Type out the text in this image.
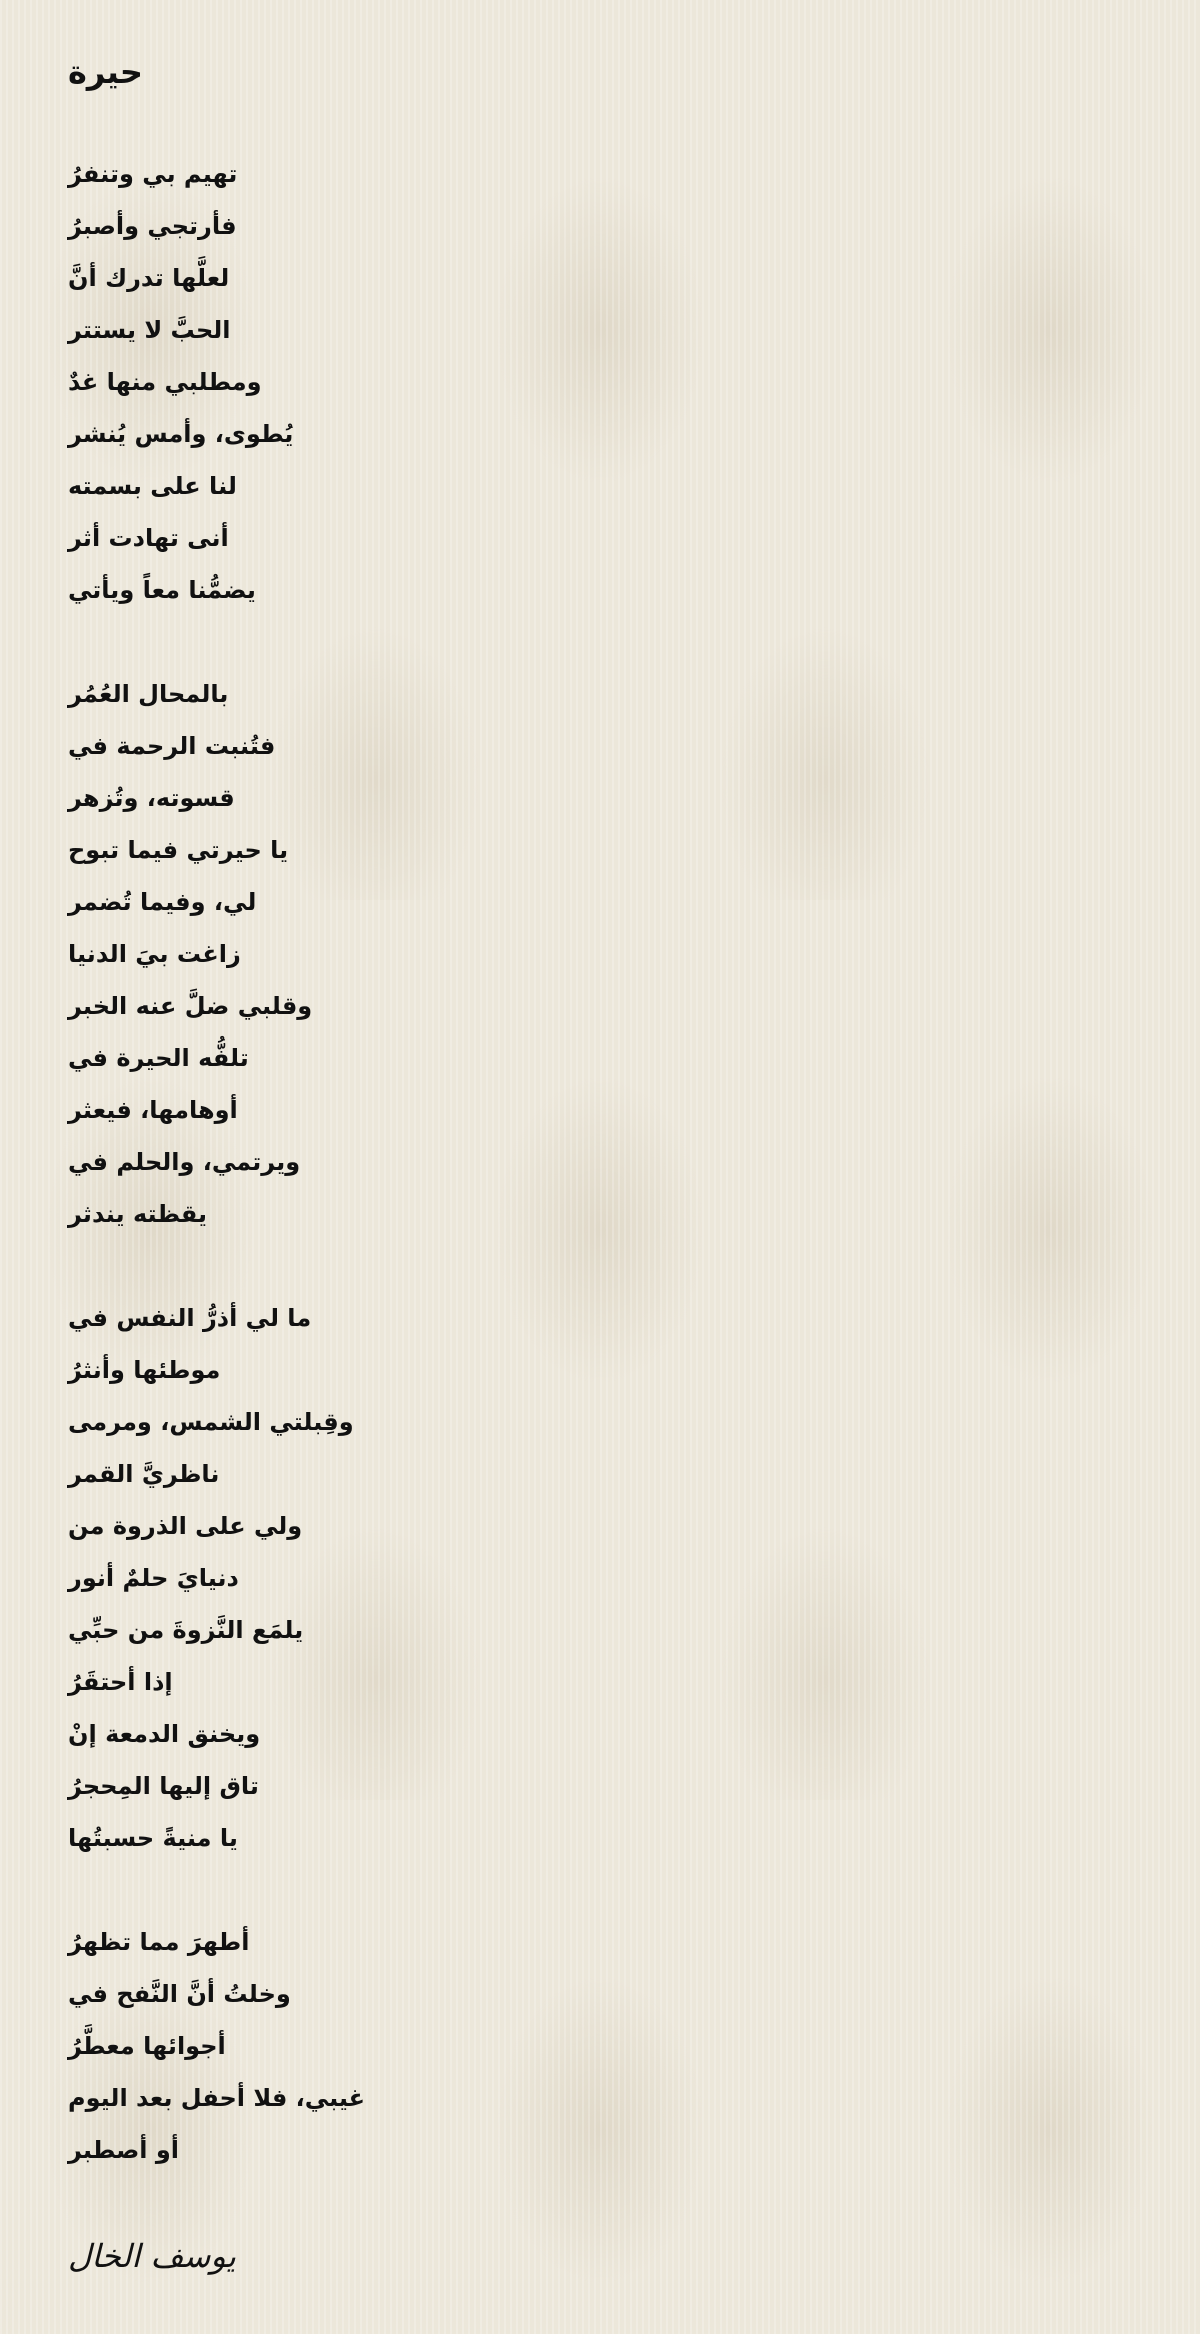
حيرة
تهيم بي وتنفرُ
فأرتجي وأصبرُ
لعلَّها تدرك أنَّ
الحبَّ لا يستتر
ومطلبي منها غدٌ
يُطوى، وأمس يُنشر
لنا على بسمته
أنى تهادت أثر
يضمُّنا معاً ويأتي
بالمحال العُمُر
فتُنبت الرحمة في
قسوته، وتُزهر
يا حيرتي فيما تبوح
لي، وفيما تُضمر
زاغت بيَ الدنيا
وقلبي ضلَّ عنه الخبر
تلفُّه الحيرة في
أوهامها، فيعثر
ويرتمي، والحلم في
يقظته يندثر
ما لي أذرُّ النفس في
موطئها وأنثرُ
وقِبلتي الشمس، ومرمى
ناظريَّ القمر
ولي على الذروة من
دنيايَ حلمٌ أنور
يلمَع النَّزوةَ من حبِّي
إذا أحتقَرُ
ويخنق الدمعة إنْ
تاق إليها المِحجرُ
يا منيةً حسبتُها
أطهرَ مما تظهرُ
وخلتُ أنَّ النَّفح في
أجوائها معطَّرُ
غيبي، فلا أحفل بعد اليوم
أو أصطبر
يوسف الخال
